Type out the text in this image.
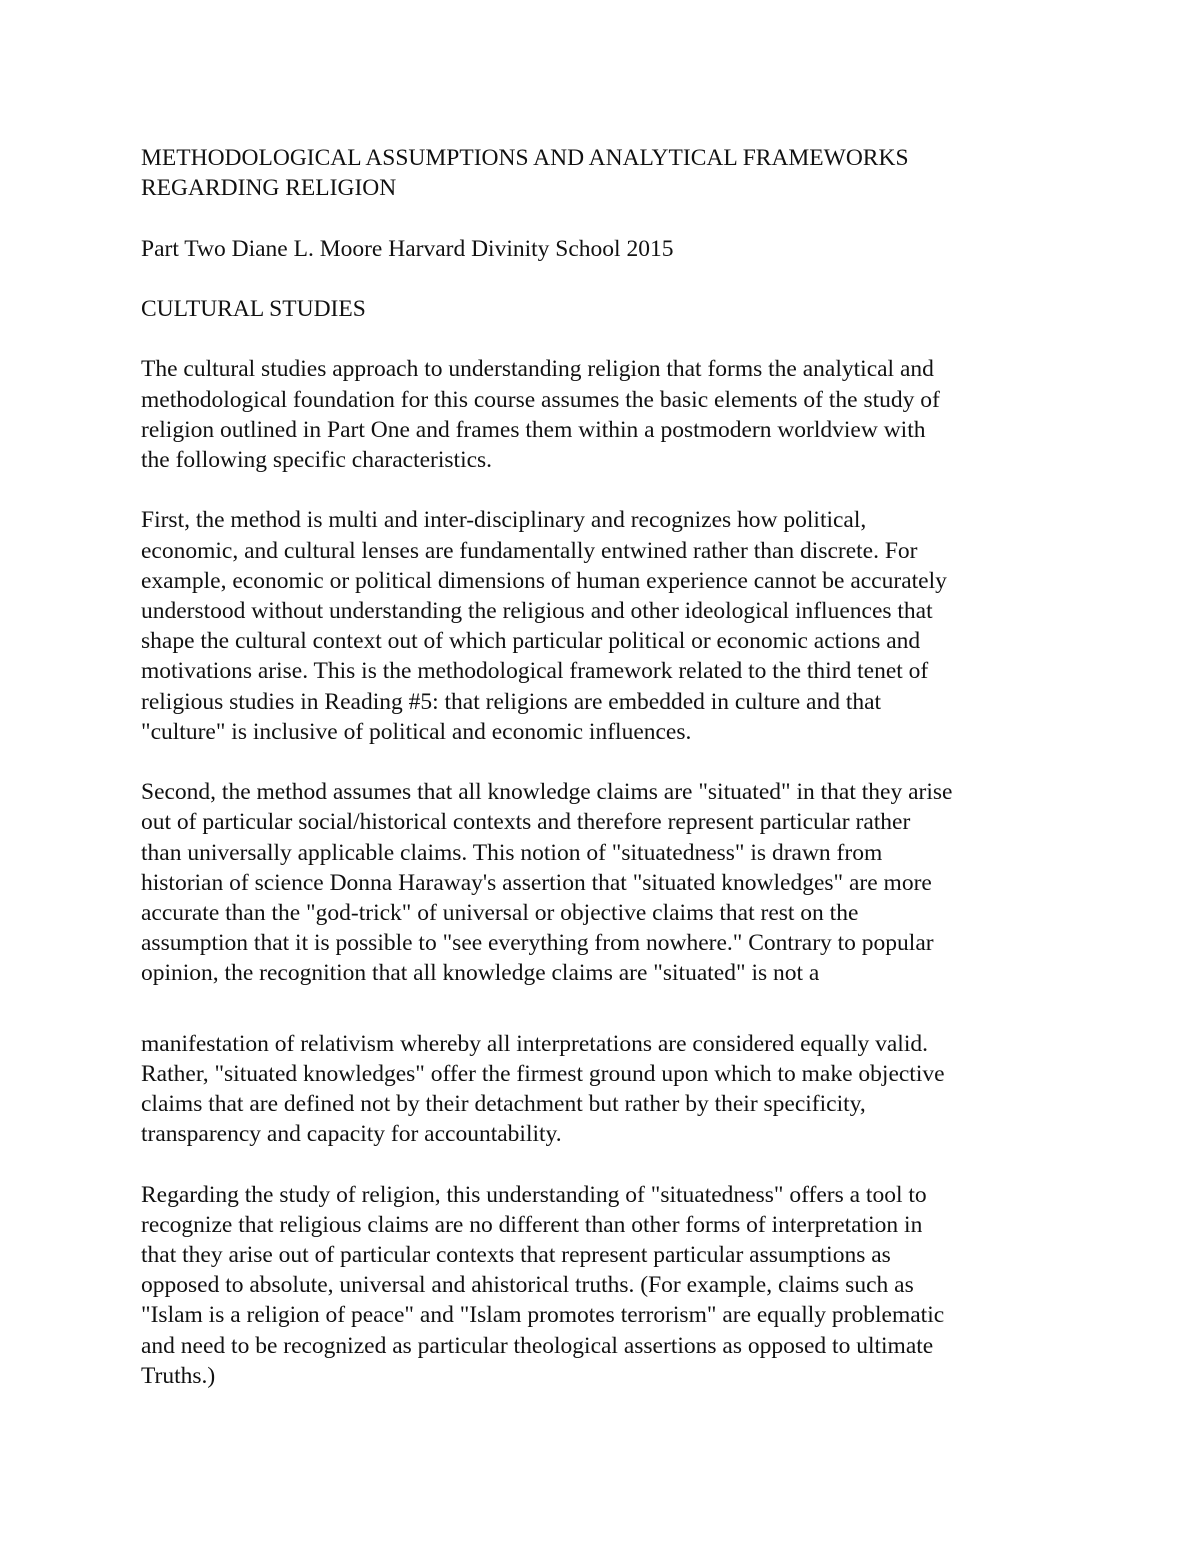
METHODOLOGICAL ASSUMPTIONS AND ANALYTICAL FRAMEWORKS
REGARDING RELIGION

Part Two Diane L. Moore Harvard Divinity School 2015

CULTURAL STUDIES

The cultural studies approach to understanding religion that forms the analytical and
methodological foundation for this course assumes the basic elements of the study of
religion outlined in Part One and frames them within a postmodern worldview with
the following specific characteristics.

First, the method is multi and inter-disciplinary and recognizes how political,
economic, and cultural lenses are fundamentally entwined rather than discrete. For
example, economic or political dimensions of human experience cannot be accurately
understood without understanding the religious and other ideological influences that
shape the cultural context out of which particular political or economic actions and
motivations arise. This is the methodological framework related to the third tenet of
religious studies in Reading #5: that religions are embedded in culture and that
"culture" is inclusive of political and economic influences.

Second, the method assumes that all knowledge claims are "situated" in that they arise
out of particular social/historical contexts and therefore represent particular rather
than universally applicable claims. This notion of "situatedness" is drawn from
historian of science Donna Haraway's assertion that "situated knowledges" are more
accurate than the "god-trick" of universal or objective claims that rest on the
assumption that it is possible to "see everything from nowhere." Contrary to popular
opinion, the recognition that all knowledge claims are "situated" is not a

manifestation of relativism whereby all interpretations are considered equally valid.
Rather, "situated knowledges" offer the firmest ground upon which to make objective
claims that are defined not by their detachment but rather by their specificity,
transparency and capacity for accountability.

Regarding the study of religion, this understanding of "situatedness" offers a tool to
recognize that religious claims are no different than other forms of interpretation in
that they arise out of particular contexts that represent particular assumptions as
opposed to absolute, universal and ahistorical truths. (For example, claims such as
"Islam is a religion of peace" and "Islam promotes terrorism" are equally problematic
and need to be recognized as particular theological assertions as opposed to ultimate
Truths.)
